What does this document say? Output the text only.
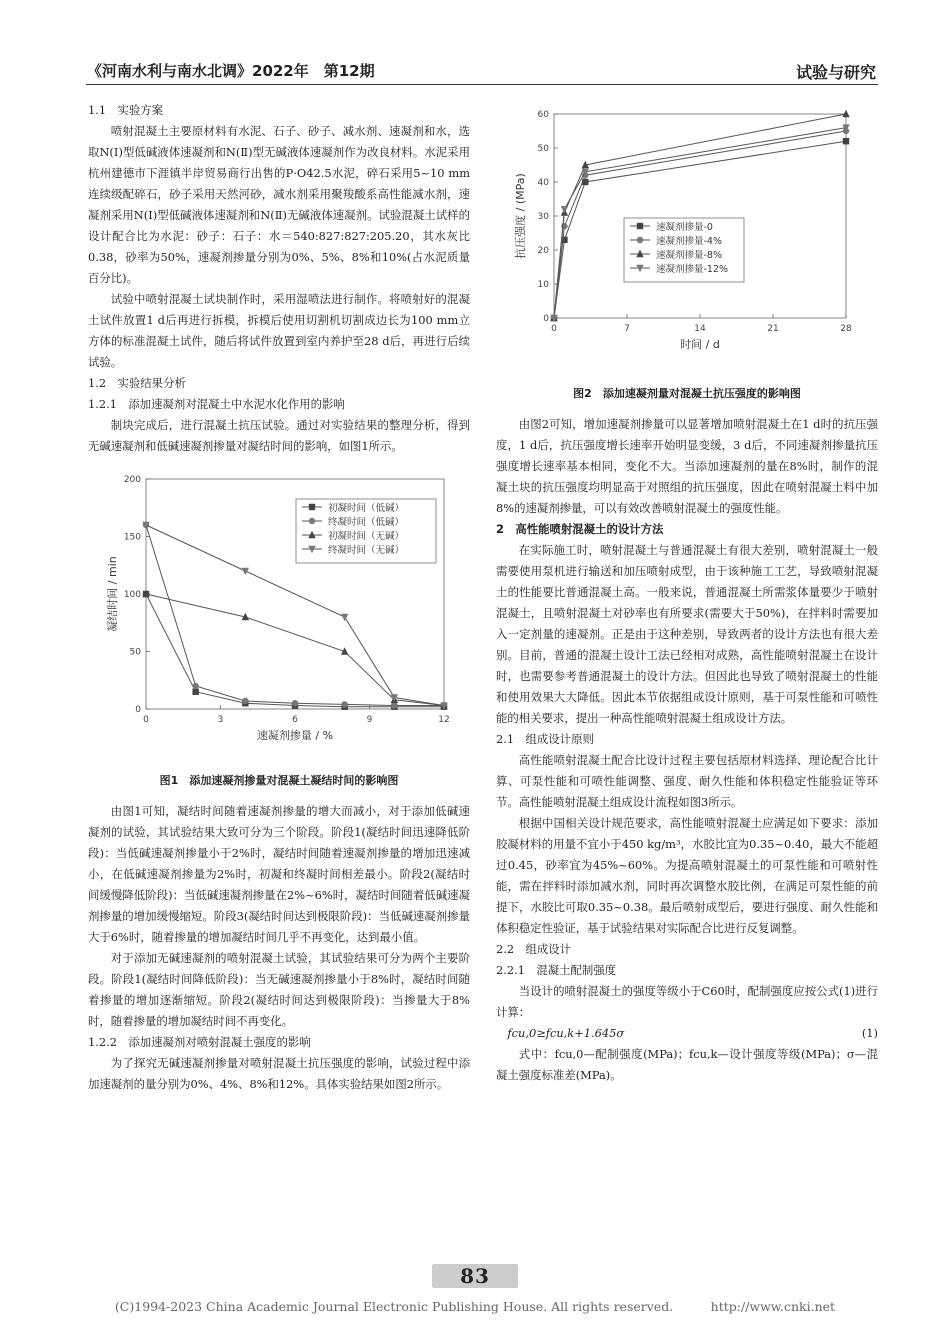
《河南水利与南水北调》2022年　第12期	试验与研究

1.1　实验方案

喷射混凝土主要原材料有水泥、石子、砂子、减水剂、速凝剂和水，选取N(Ⅰ)型低碱液体速凝剂和N(Ⅱ)型无碱液体速凝剂作为改良材料。水泥采用杭州建德市下涯镇半岸贸易商行出售的P·O42.5水泥，碎石采用5~10 mm连续级配碎石，砂子采用天然河砂，减水剂采用聚羧酸系高性能减水剂，速凝剂采用N(Ⅰ)型低碱液体速凝剂和N(Ⅱ)无碱液体速凝剂。试验混凝土试样的设计配合比为水泥：砂子：石子：水＝540:827:827:205.20，其水灰比0.38，砂率为50%，速凝剂掺量分别为0%、5%、8%和10%(占水泥质量百分比)。

试验中喷射混凝土试块制作时，采用湿喷法进行制作。将喷射好的混凝土试件放置1 d后再进行拆模，拆模后使用切割机切割成边长为100 mm立方体的标准混凝土试件，随后将试件放置到室内养护至28 d后，再进行后续试验。

1.2　实验结果分析

1.2.1　添加速凝剂对混凝土中水泥水化作用的影响

制块完成后，进行混凝土抗压试验。通过对实验结果的整理分析，得到无碱速凝剂和低碱速凝剂掺量对凝结时间的影响，如图1所示。

0	3	6	9	12
0
50
100
150
200
速凝剂掺量 / %
凝结时间 / min
初凝时间（低碱）
终凝时间（低碱）
初凝时间（无碱）
终凝时间（无碱）

图1　添加速凝剂掺量对混凝土凝结时间的影响图

由图1可知，凝结时间随着速凝剂掺量的增大而减小，对于添加低碱速凝剂的试验，其试验结果大致可分为三个阶段。阶段1(凝结时间迅速降低阶段)：当低碱速凝剂掺量小于2%时，凝结时间随着速凝剂掺量的增加迅速减小，在低碱速凝剂掺量为2%时，初凝和终凝时间相差最小。阶段2(凝结时间缓慢降低阶段)：当低碱速凝剂掺量在2%~6%时，凝结时间随着低碱速凝剂掺量的增加缓慢缩短。阶段3(凝结时间达到极限阶段)：当低碱速凝剂掺量大于6%时，随着掺量的增加凝结时间几乎不再变化，达到最小值。

对于添加无碱速凝剂的喷射混凝土试验，其试验结果可分为两个主要阶段。阶段1(凝结时间降低阶段)：当无碱速凝剂掺量小于8%时，凝结时间随着掺量的增加逐渐缩短。阶段2(凝结时间达到极限阶段)：当掺量大于8%时，随着掺量的增加凝结时间不再变化。

1.2.2　添加速凝剂对喷射混凝土强度的影响

为了探究无碱速凝剂掺量对喷射混凝土抗压强度的影响，试验过程中添加速凝剂的量分别为0%、4%、8%和12%。具体实验结果如图2所示。

0	7	14	21	28
0
10
20
30
40
50
60
时间 / d
抗压强度 / (MPa)	速凝剂掺量-0
速凝剂掺量-4%
速凝剂掺量-8%
速凝剂掺量-12%

图2　添加速凝剂量对混凝土抗压强度的影响图

由图2可知，增加速凝剂掺量可以显著增加喷射混凝土在1 d时的抗压强度，1 d后，抗压强度增长速率开始明显变缓，3 d后，不同速凝剂掺量抗压强度增长速率基本相同，变化不大。当添加速凝剂的量在8%时，制作的混凝土块的抗压强度均明显高于对照组的抗压强度，因此在喷射混凝土料中加8%的速凝剂掺量，可以有效改善喷射混凝土的强度性能。

2　高性能喷射混凝土的设计方法

在实际施工时，喷射混凝土与普通混凝土有很大差别，喷射混凝土一般需要使用泵机进行输送和加压喷射成型，由于该种施工工艺，导致喷射混凝土的性能要比普通混凝土高。一般来说，普通混凝土所需浆体量要少于喷射混凝土，且喷射混凝土对砂率也有所要求(需要大于50%)，在拌料时需要加入一定剂量的速凝剂。正是由于这种差别，导致两者的设计方法也有很大差别。目前，普通的混凝土设计工法已经相对成熟，高性能喷射混凝土在设计时，也需要参考普通混凝土的设计方法。但因此也导致了喷射混凝土的性能和使用效果大大降低。因此本节依据组成设计原则，基于可泵性能和可喷性能的相关要求，提出一种高性能喷射混凝土组成设计方法。

2.1　组成设计原则

高性能喷射混凝土配合比设计过程主要包括原材料选择、理论配合比计算、可泵性能和可喷性能调整、强度、耐久性能和体积稳定性能验证等环节。高性能喷射混凝土组成设计流程如图3所示。

根据中国相关设计规范要求，高性能喷射混凝土应满足如下要求：添加胶凝材料的用量不宜小于450 kg/m³，水胶比宜为0.35~0.40，最大不能超过0.45，砂率宜为45%~60%。为提高喷射混凝土的可泵性能和可喷射性能，需在拌料时添加减水剂，同时再次调整水胶比例，在满足可泵性能的前提下，水胶比可取0.35~0.38。最后喷射成型后，要进行强度、耐久性能和体积稳定性验证，基于试验结果对实际配合比进行反复调整。

2.2　组成设计

2.2.1　混凝土配制强度

当设计的喷射混凝土的强度等级小于C60时，配制强度应按公式(1)进行计算：

fcu,0≥fcu,k+1.645σ	(1)

式中：fcu,0—配制强度(MPa)；fcu,k—设计强度等级(MPa)；σ—混凝土强度标准差(MPa)。

83
(C)1994-2023 China Academic Journal Electronic Publishing House. All rights reserved.　　　http://www.cnki.net
